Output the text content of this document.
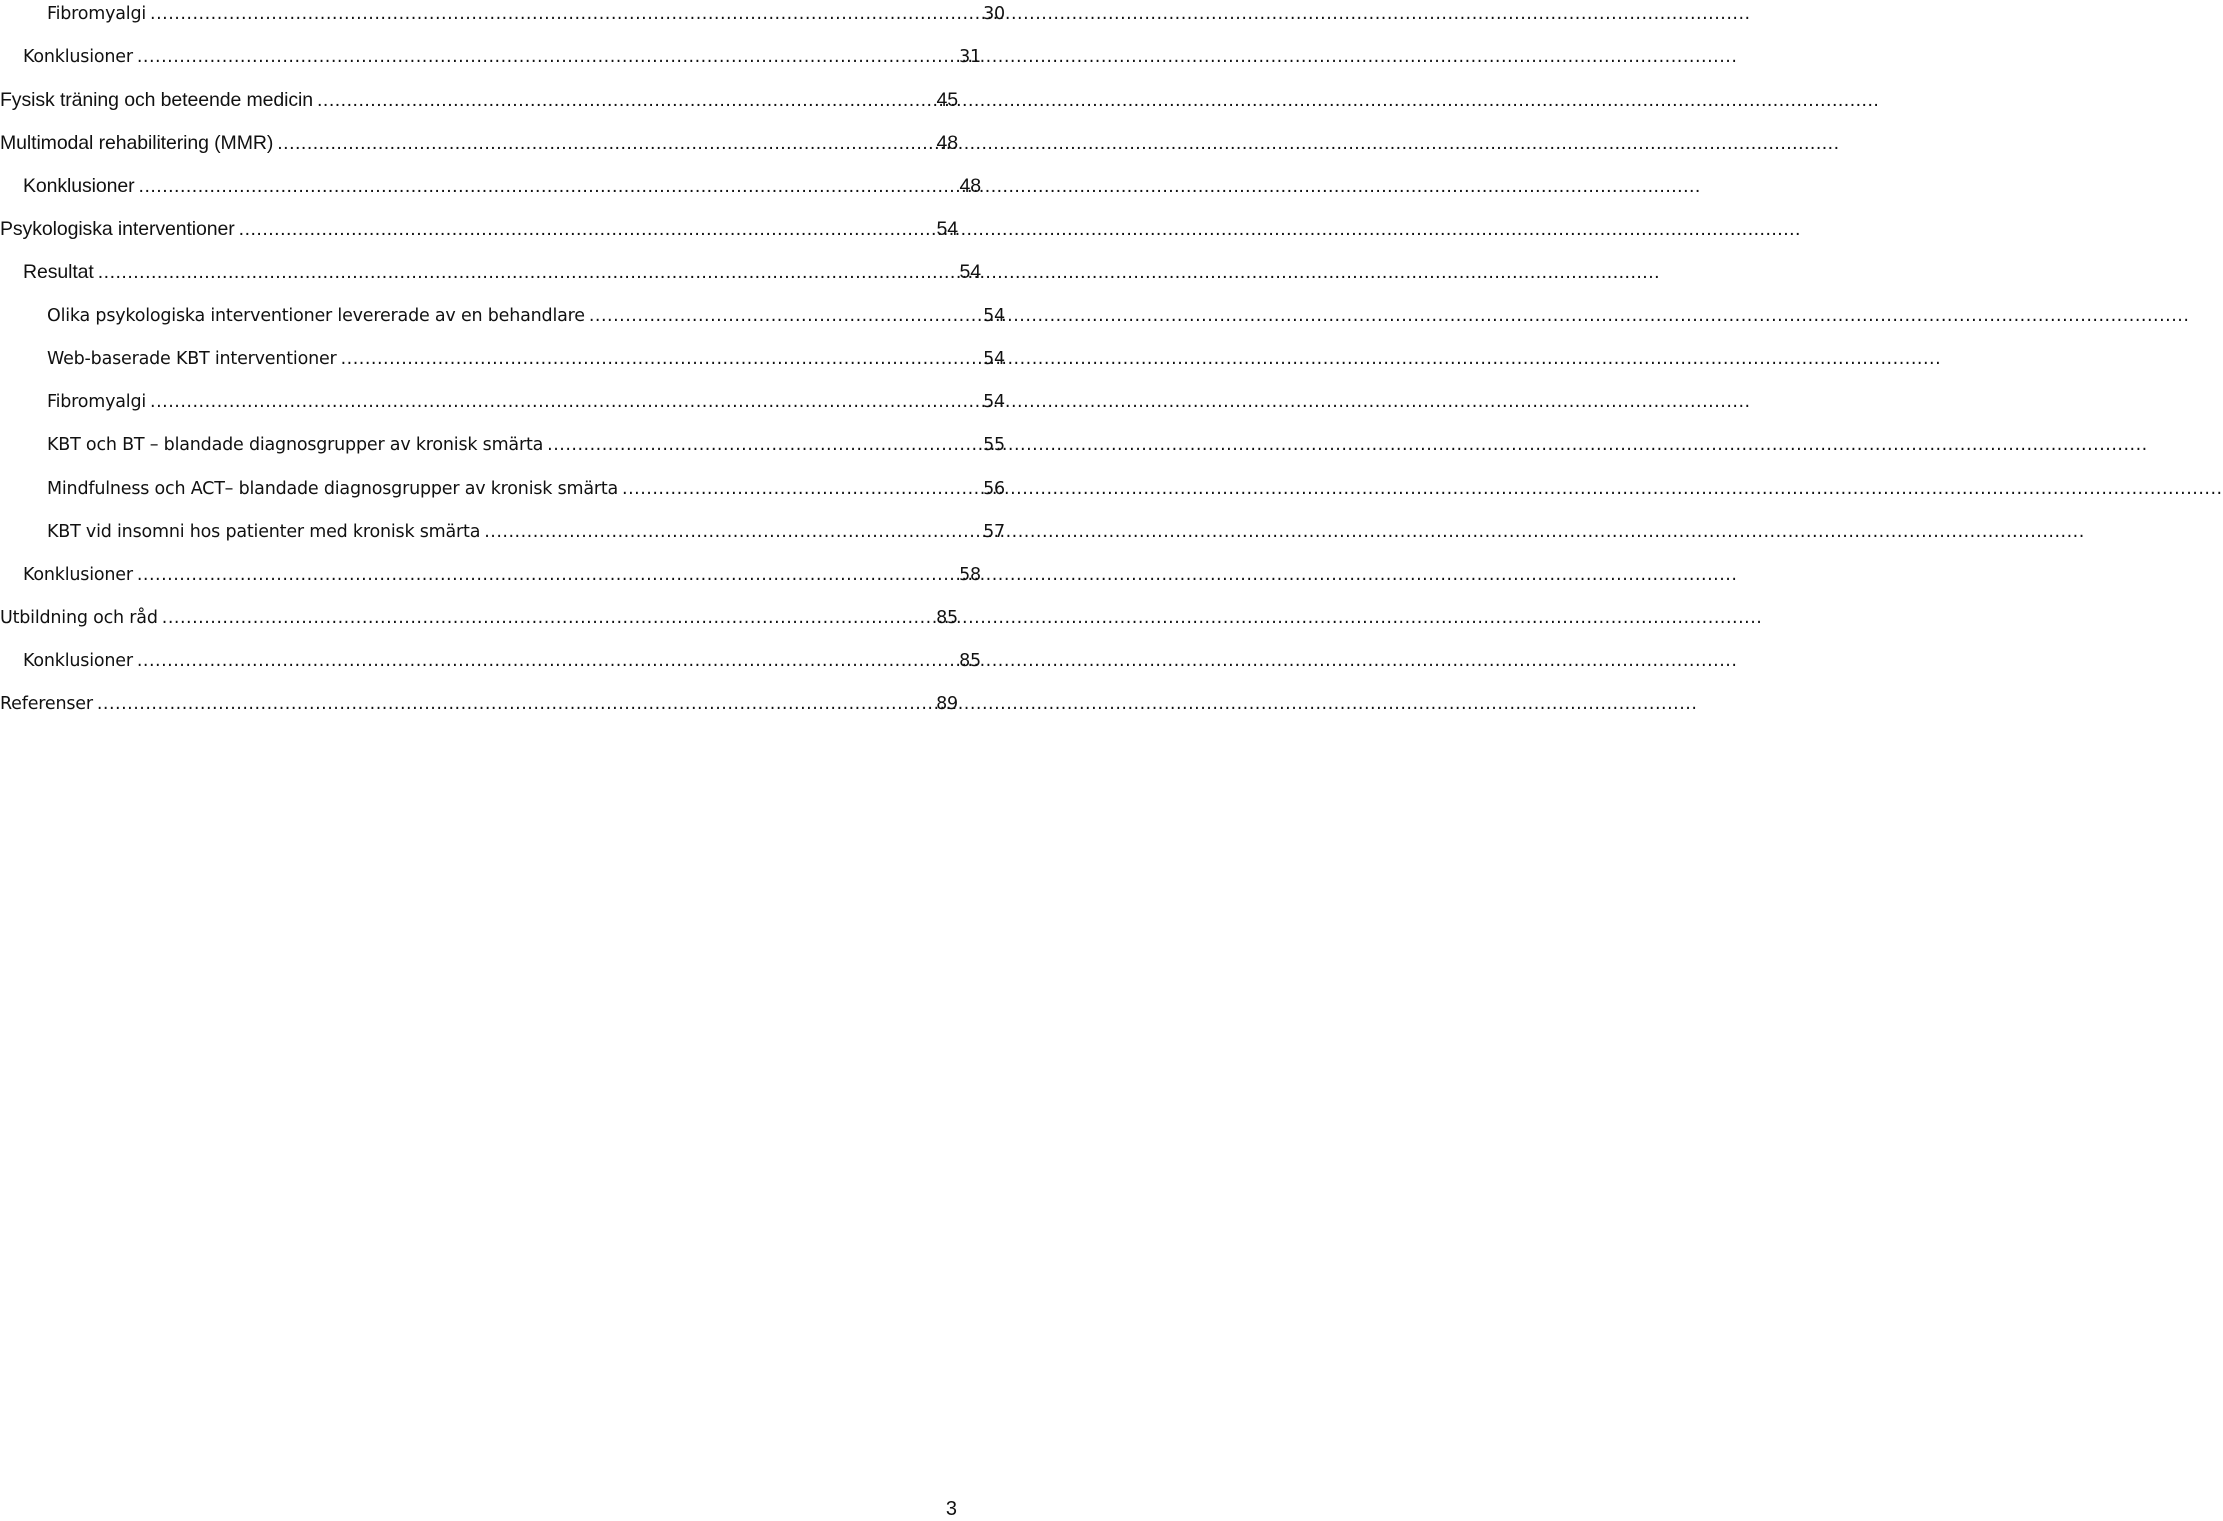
Fibromyalgi .....	30
Konklusioner .....	31
Fysisk träning och beteende medicin .....	45
Multimodal rehabilitering (MMR) .....	48
Konklusioner .....	48
Psykologiska interventioner .....	54
Resultat .....	54
Olika psykologiska interventioner levererade av en behandlare .....	54
Web-baserade KBT interventioner .....	54
Fibromyalgi .....	54
KBT och BT – blandade diagnosgrupper av kronisk smärta .....	55
Mindfulness och ACT– blandade diagnosgrupper av kronisk smärta .....	56
KBT vid insomni hos patienter med kronisk smärta .....	57
Konklusioner .....	58
Utbildning och råd .....	85
Konklusioner .....	85
Referenser .....	89
3
